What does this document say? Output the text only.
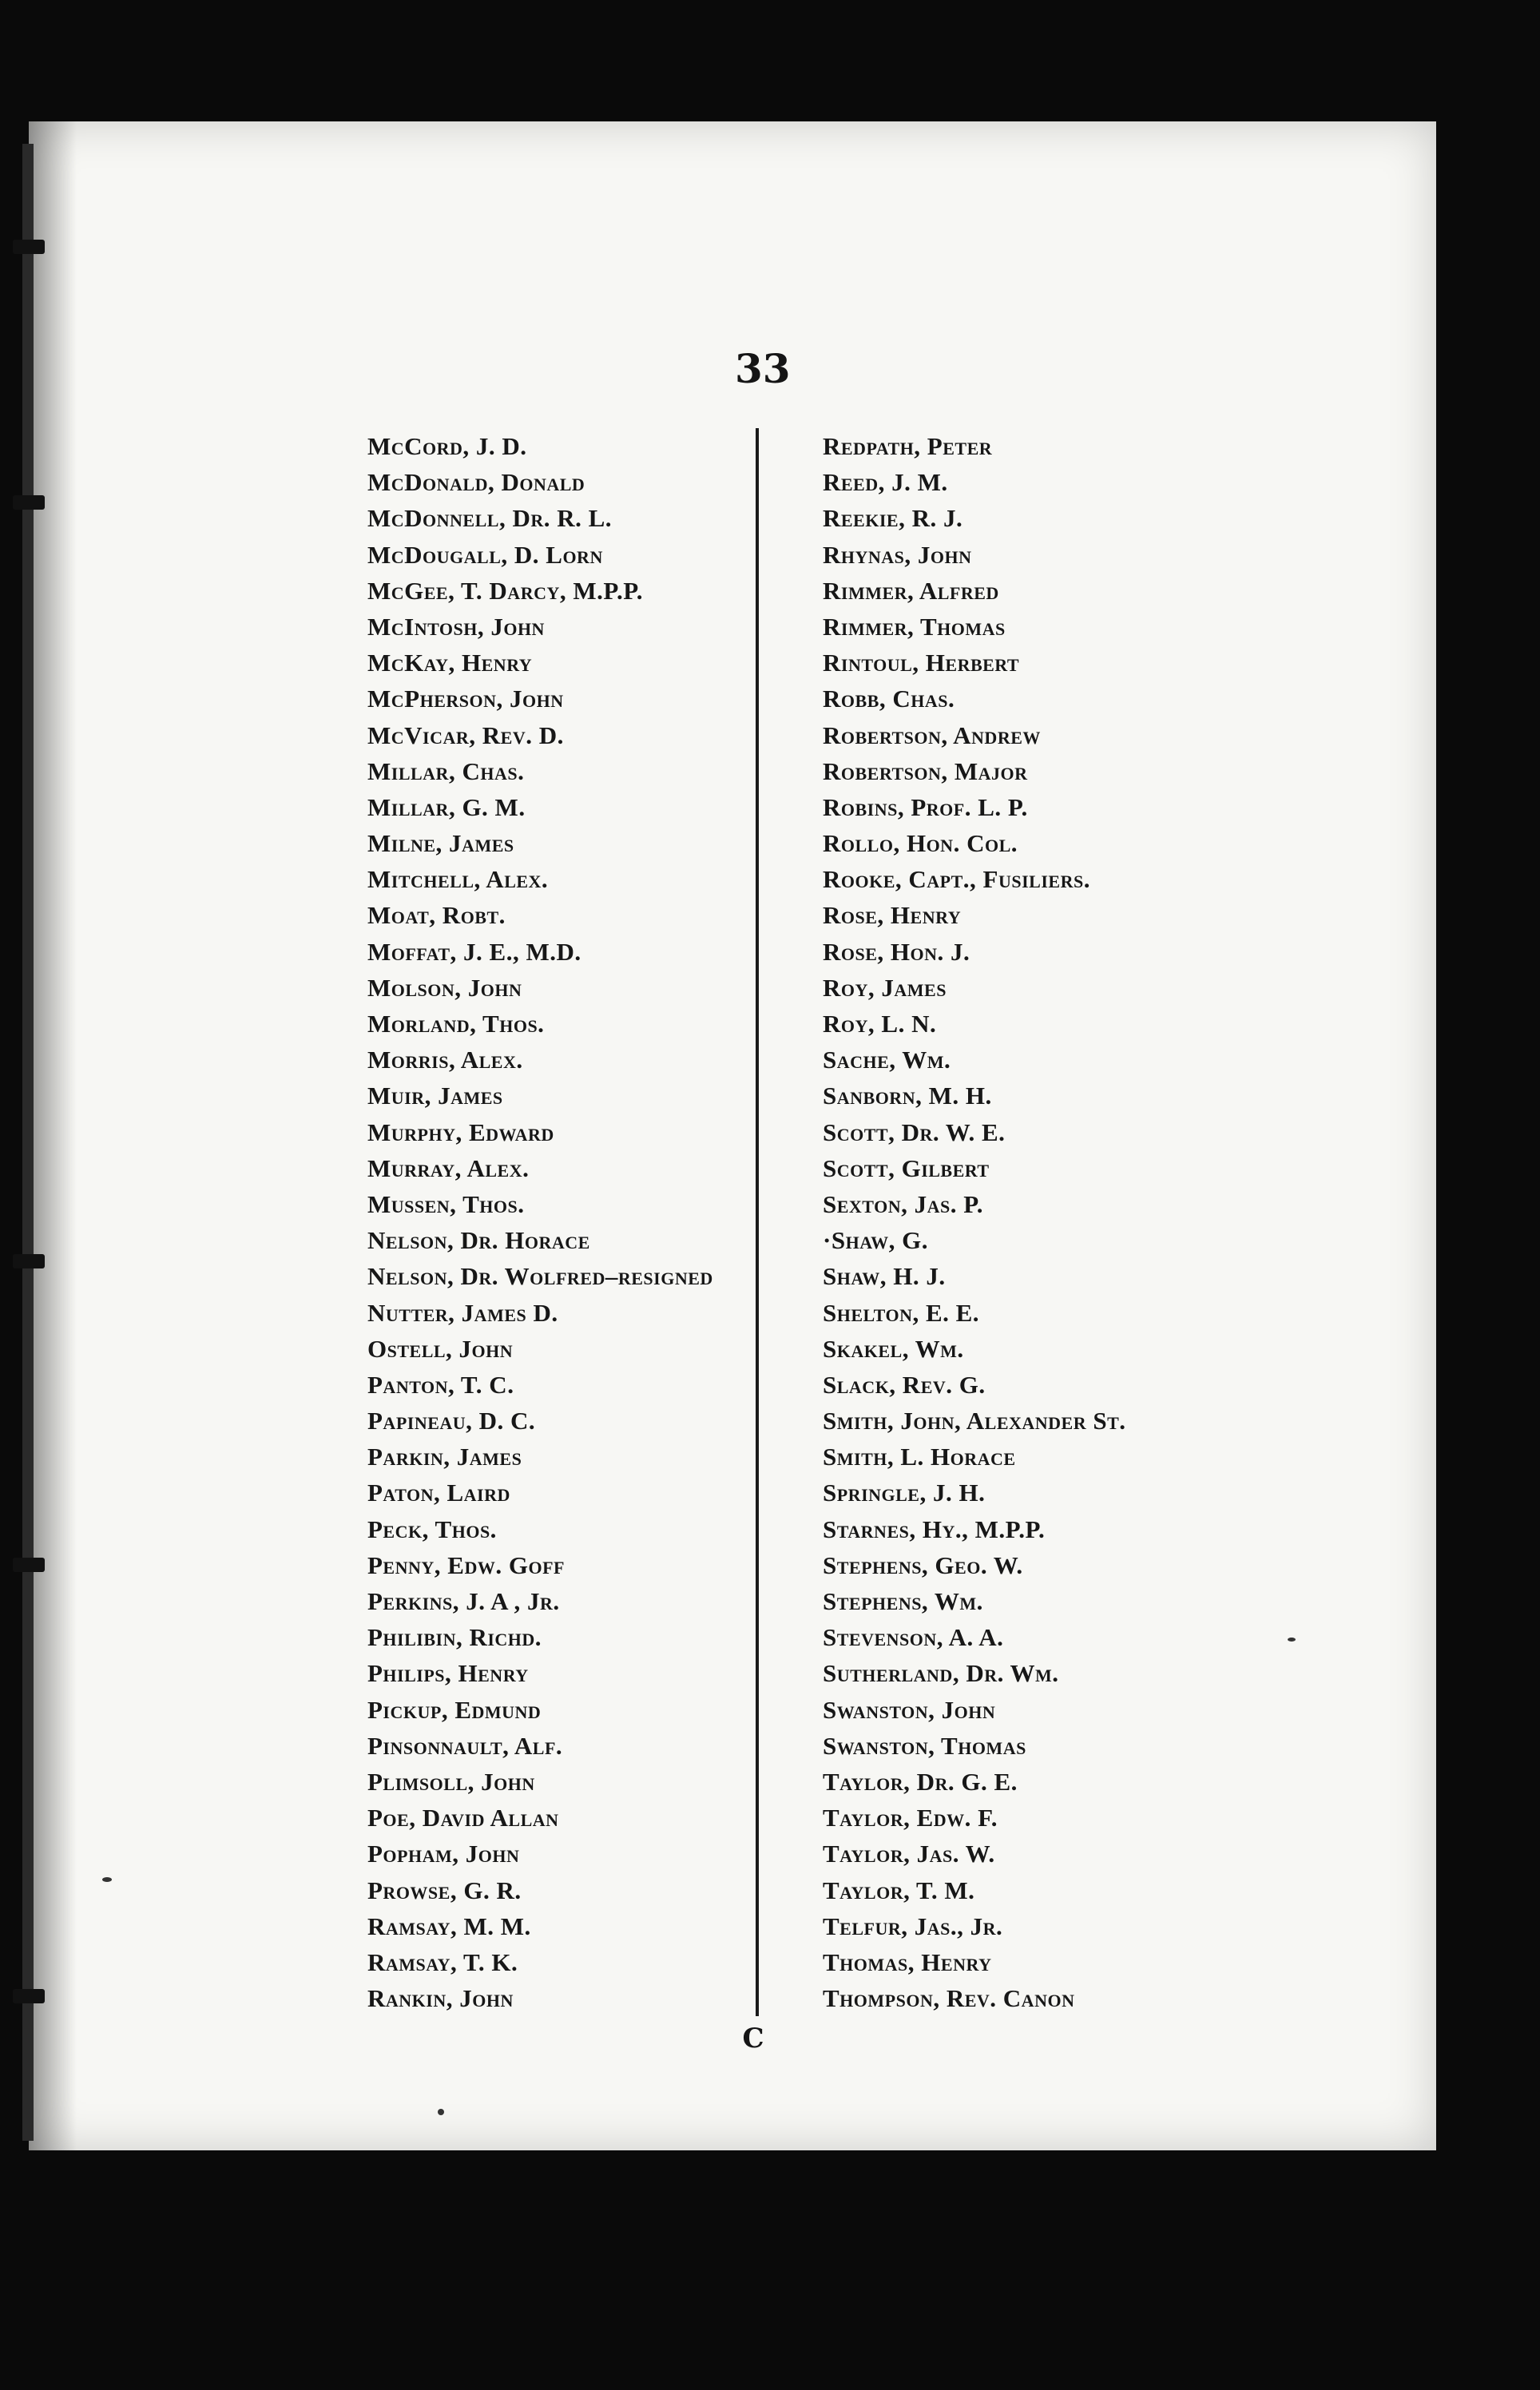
33
McCord, J. D.
McDonald, Donald
McDonnell, Dr. R. L.
McDougall, D. Lorn
McGee, T. Darcy, M.P.P.
McIntosh, John
McKay, Henry
McPherson, John
McVicar, Rev. D.
Millar, Chas.
Millar, G. M.
Milne, James
Mitchell, Alex.
Moat, Robt.
Moffat, J. E., M.D.
Molson, John
Morland, Thos.
Morris, Alex.
Muir, James
Murphy, Edward
Murray, Alex.
Mussen, Thos.
Nelson, Dr. Horace
Nelson, Dr. Wolfred–resigned
Nutter, James D.
Ostell, John
Panton, T. C.
Papineau, D. C.
Parkin, James
Paton, Laird
Peck, Thos.
Penny, Edw. Goff
Perkins, J. A , Jr.
Philibin, Richd.
Philips, Henry
Pickup, Edmund
Pinsonnault, Alf.
Plimsoll, John
Poe, David Allan
Popham, John
Prowse, G. R.
Ramsay, M. M.
Ramsay, T. K.
Rankin, John
Redpath, Peter
Reed, J. M.
Reekie, R. J.
Rhynas, John
Rimmer, Alfred
Rimmer, Thomas
Rintoul, Herbert
Robb, Chas.
Robertson, Andrew
Robertson, Major
Robins, Prof. L. P.
Rollo, Hon. Col.
Rooke, Capt., Fusiliers.
Rose, Henry
Rose, Hon. J.
Roy, James
Roy, L. N.
Sache, Wm.
Sanborn, M. H.
Scott, Dr. W. E.
Scott, Gilbert
Sexton, Jas. P.
·Shaw, G.
Shaw, H. J.
Shelton, E. E.
Skakel, Wm.
Slack, Rev. G.
Smith, John, Alexander St.
Smith, L. Horace
Springle, J. H.
Starnes, Hy., M.P.P.
Stephens, Geo. W.
Stephens, Wm.
Stevenson, A. A.
Sutherland, Dr. Wm.
Swanston, John
Swanston, Thomas
Taylor, Dr. G. E.
Taylor, Edw. F.
Taylor, Jas. W.
Taylor, T. M.
Telfur, Jas., Jr.
Thomas, Henry
Thompson, Rev. Canon
C
